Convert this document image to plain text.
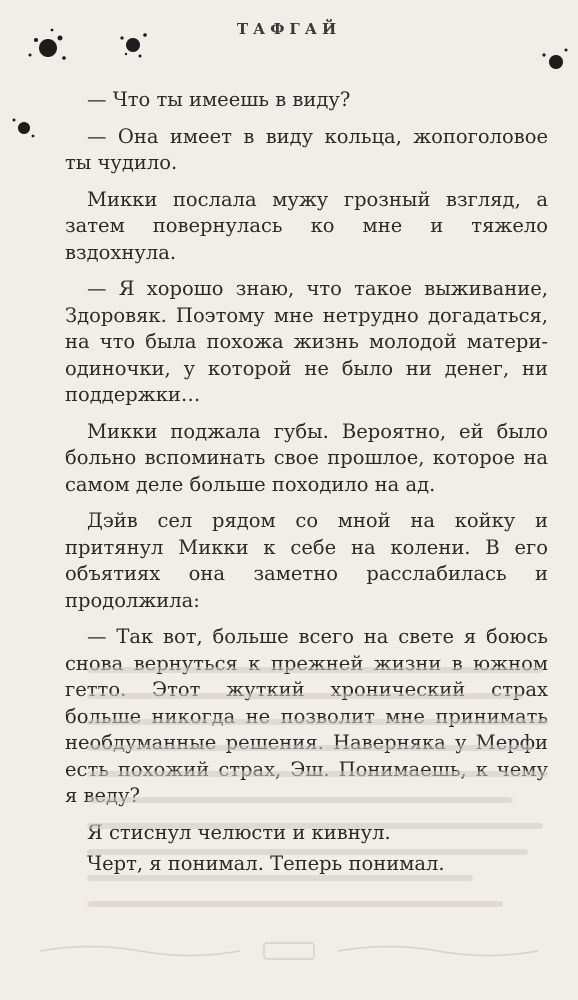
ТАФГАЙ

— Что ты имеешь в виду?

— Она имеет в виду кольца, жопоголовое ты чудило.

Микки послала мужу грозный взгляд, а затем повернулась ко мне и тяжело вздохнула.

— Я хорошо знаю, что такое выживание, Здоровяк. Поэтому мне нетрудно догадаться, на что была похожа жизнь молодой матери-одиночки, у которой не было ни денег, ни поддержки…

Микки поджала губы. Вероятно, ей было больно вспоминать свое прошлое, которое на самом деле больше походило на ад.

Дэйв сел рядом со мной на койку и притянул Микки к себе на колени. В его объятиях она заметно расслабилась и продолжила:

— Так вот, больше всего на свете я боюсь снова вернуться к прежней жизни в южном гетто. Этот жуткий хронический страх больше никогда не позволит мне принимать необдуманные решения. Наверняка у Мерфи есть похожий страх, Эш. Понимаешь, к чему я веду?

Я стиснул челюсти и кивнул.

Черт, я понимал. Теперь понимал.
